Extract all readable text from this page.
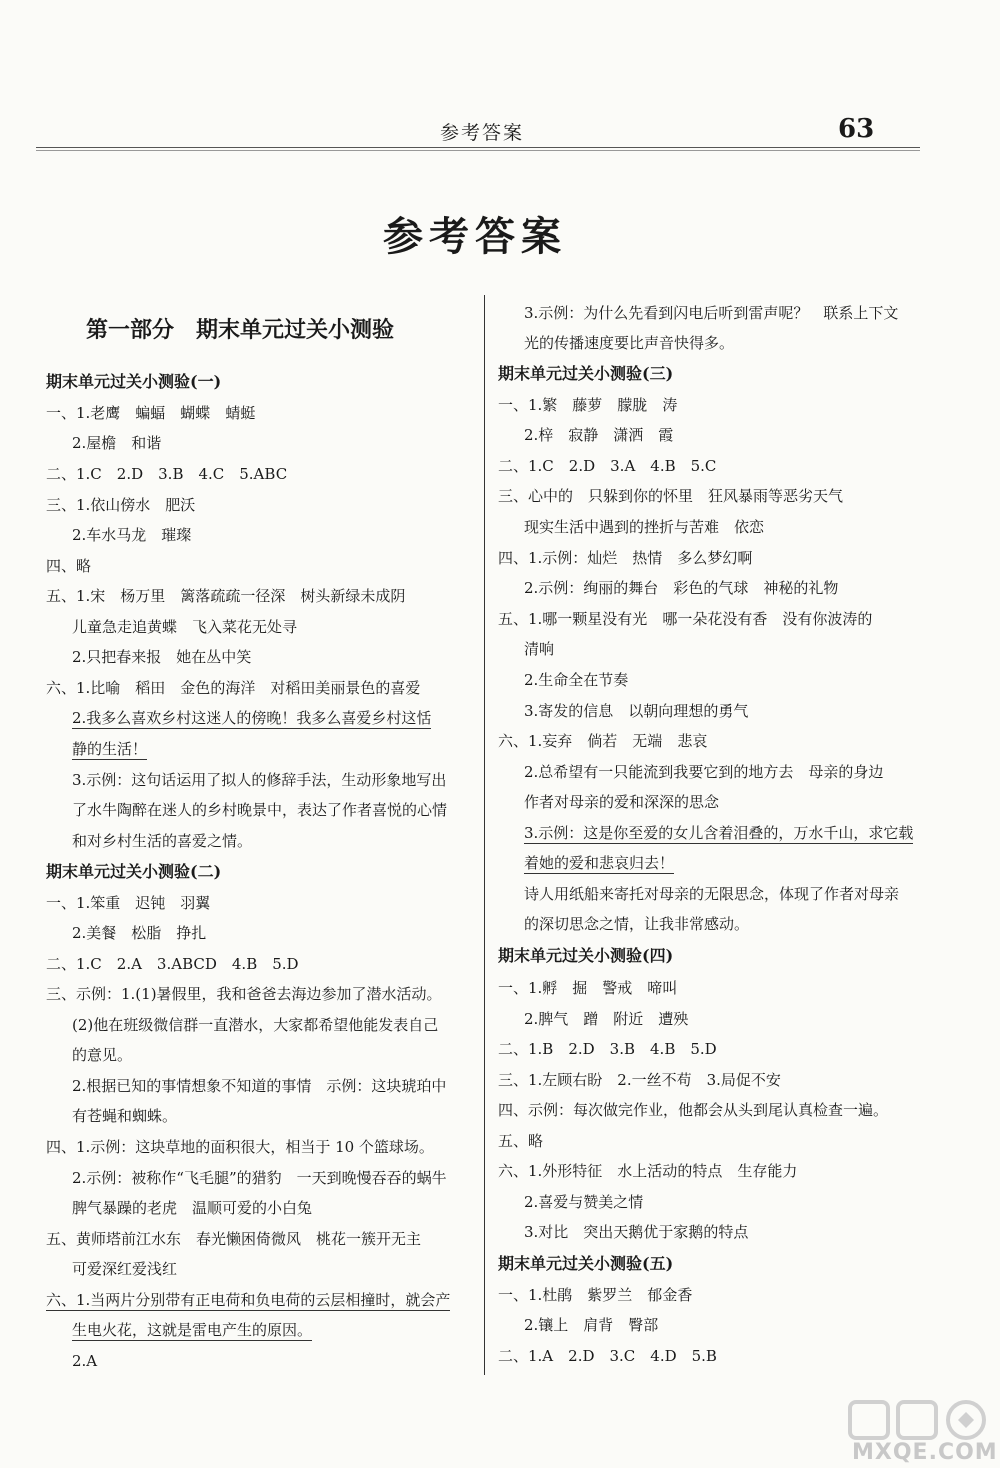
参考答案	63
参考答案
第一部分　期末单元过关小测验
期末单元过关小测验(一)
一、1.老鹰　蝙蝠　蝴蝶　蜻蜓
2.屋檐　和谐
二、1.C　2.D　3.B　4.C　5.ABC
三、1.依山傍水　肥沃
2.车水马龙　璀璨
四、略
五、1.宋　杨万里　篱落疏疏一径深　树头新绿未成阴
儿童急走追黄蝶　飞入菜花无处寻
2.只把春来报　她在丛中笑
六、1.比喻　稻田　金色的海洋　对稻田美丽景色的喜爱
2.我多么喜欢乡村这迷人的傍晚！我多么喜爱乡村这恬
静的生活！
3.示例：这句话运用了拟人的修辞手法，生动形象地写出
了水牛陶醉在迷人的乡村晚景中，表达了作者喜悦的心情
和对乡村生活的喜爱之情。
期末单元过关小测验(二)
一、1.笨重　迟钝　羽翼
2.美餐　松脂　挣扎
二、1.C　2.A　3.ABCD　4.B　5.D
三、示例：1.(1)暑假里，我和爸爸去海边参加了潜水活动。
(2)他在班级微信群一直潜水，大家都希望他能发表自己
的意见。
2.根据已知的事情想象不知道的事情　示例：这块琥珀中
有苍蝇和蜘蛛。
四、1.示例：这块草地的面积很大，相当于 10 个篮球场。
2.示例：被称作“飞毛腿”的猎豹　一天到晚慢吞吞的蜗牛
脾气暴躁的老虎　温顺可爱的小白兔
五、黄师塔前江水东　春光懒困倚微风　桃花一簇开无主
可爱深红爱浅红
六、1.当两片分别带有正电荷和负电荷的云层相撞时，就会产
生电火花，这就是雷电产生的原因。
2.A
3.示例：为什么先看到闪电后听到雷声呢？　联系上下文
光的传播速度要比声音快得多。
期末单元过关小测验(三)
一、1.繁　藤萝　朦胧　涛
2.梓　寂静　潇洒　霞
二、1.C　2.D　3.A　4.B　5.C
三、心中的　只躲到你的怀里　狂风暴雨等恶劣天气
现实生活中遇到的挫折与苦难　依恋
四、1.示例：灿烂　热情　多么梦幻啊
2.示例：绚丽的舞台　彩色的气球　神秘的礼物
五、1.哪一颗星没有光　哪一朵花没有香　没有你波涛的
清响
2.生命全在节奏
3.寄发的信息　以朝向理想的勇气
六、1.妄弃　倘若　无端　悲哀
2.总希望有一只能流到我要它到的地方去　母亲的身边
作者对母亲的爱和深深的思念
3.示例：这是你至爱的女儿含着泪叠的，万水千山，求它载
着她的爱和悲哀归去！
诗人用纸船来寄托对母亲的无限思念，体现了作者对母亲
的深切思念之情，让我非常感动。
期末单元过关小测验(四)
一、1.孵　掘　警戒　啼叫
2.脾气　蹭　附近　遭殃
二、1.B　2.D　3.B　4.B　5.D
三、1.左顾右盼　2.一丝不苟　3.局促不安
四、示例：每次做完作业，他都会从头到尾认真检查一遍。
五、略
六、1.外形特征　水上活动的特点　生存能力
2.喜爱与赞美之情
3.对比　突出天鹅优于家鹅的特点
期末单元过关小测验(五)
一、1.杜鹃　紫罗兰　郁金香
2.镶上　肩背　臀部
二、1.A　2.D　3.C　4.D　5.B
MXQE.COM
